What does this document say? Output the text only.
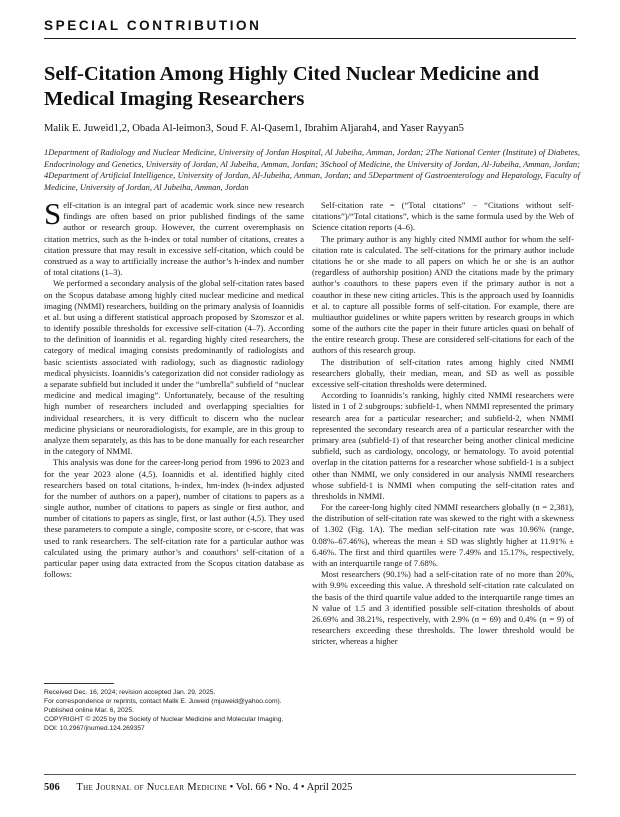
SPECIAL CONTRIBUTION
Self-Citation Among Highly Cited Nuclear Medicine and Medical Imaging Researchers
Malik E. Juweid1,2, Obada Al-leimon3, Soud F. Al-Qasem1, Ibrahim Aljarah4, and Yaser Rayyan5
1Department of Radiology and Nuclear Medicine, University of Jordan Hospital, Al Jubeiha, Amman, Jordan; 2The National Center (Institute) of Diabetes, Endocrinology and Genetics, University of Jordan, Al Jubeiha, Amman, Jordan; 3School of Medicine, the University of Jordan, Al-Jubeiha, Amman, Jordan; 4Department of Artificial Intelligence, University of Jordan, Al-Jubeiha, Amman, Jordan; and 5Department of Gastroenterology and Hepatology, Faculty of Medicine, University of Jordan, Al Jubeiha, Amman, Jordan

Self-citation is an integral part of academic work since new research findings are often based on prior published findings of the same author or research group. However, the current overemphasis on citation metrics, such as the h-index or total number of citations, creates a citation pressure that may result in excessive self-citation, which could be construed as a way to artificially increase the author’s h-index and number of total citations (1–3).

We performed a secondary analysis of the global self-citation rates based on the Scopus database among highly cited nuclear medicine and medical imaging (NMMI) researchers, building on the primary analysis of Ioannidis et al. but using a different statistical approach proposed by Szomszor et al. to identify possible thresholds for excessive self-citation (4–7). According to the definition of Ioannidis et al. regarding highly cited researchers, the category of medical imaging consists predominantly of radiologists and basic scientists associated with radiology, such as diagnostic radiology medical physicists. Ioannidis’s categorization did not consider radiology as a separate subfield but included it under the “umbrella” subfield of “nuclear medicine and medical imaging”. Unfortunately, because of the resulting high number of researchers included and overlapping specialties for individual researchers, it is very difficult to discern who the nuclear medicine physicians or neuroradiologists, for example, are in this group to analyze them separately, as this has to be done manually for each researcher in the category of NMMI.

This analysis was done for the career-long period from 1996 to 2023 and for the year 2023 alone (4,5). Ioannidis et al. identified highly cited researchers based on total citations, h-index, hm-index (h-index adjusted for the number of authors on a paper), number of citations to papers as a single author, number of citations to papers as single or first author, and number of citations to papers as single, first, or last author (4,5). They used these parameters to compute a single, composite score, or c-score, that was used to rank researchers. The self-citation rate for a particular author was calculated using the primary author’s and coauthors’ self-citation of a particular paper using data extracted from the Scopus citation database as follows:

Self-citation rate = (“Total citations” − “Citations without self-citations”)/“Total citations”, which is the same formula used by the Web of Science citation reports (4–6).

The primary author is any highly cited NMMI author for whom the self-citation rate is calculated. The self-citations for the primary author include citations he or she made to all papers on which he or she is an author (regardless of authorship position) AND the citations made by the primary author’s coauthors to these papers even if the primary author is not a coauthor in these new citing articles. This is the approach used by Ioannidis et al. to capture all possible forms of self-citation. For example, there are multiauthor guidelines or white papers written by research groups in which some of the authors cite the paper in their future articles quasi on behalf of the entire research group. These are considered self-citations for each of the authors of this research group.

The distribution of self-citation rates among highly cited NMMI researchers globally, their median, mean, and SD as well as possible excessive self-citation thresholds were determined.

According to Ioannidis’s ranking, highly cited NMMI researchers were listed in 1 of 2 subgroups: subfield-1, when NMMI represented the primary research area for a particular researcher; and subfield-2, when NMMI represented the secondary research area of a particular researcher with the primary area (subfield-1) of that researcher being another clinical medicine subfield, such as cardiology, oncology, or hematology. To avoid potential overlap in the citation patterns for a researcher whose subfield-1 is a subject other than NMMI, we only considered in our analysis NMMI researchers whose subfield-1 is NMMI when computing the self-citation rates and thresholds in NMMI.

For the career-long highly cited NMMI researchers globally (n = 2,381), the distribution of self-citation rate was skewed to the right with a skewness of 1.302 (Fig. 1A). The median self-citation rate was 10.96% (range, 0.08%–67.46%), whereas the mean ± SD was slightly higher at 11.91% ± 6.46%. The first and third quartiles were 7.49% and 15.17%, respectively, with an interquartile range of 7.68%.

Most researchers (90.1%) had a self-citation rate of no more than 20%, with 9.9% exceeding this value. A threshold self-citation rate calculated on the basis of the third quartile value added to the interquartile range times an N value of 1.5 and 3 identified possible self-citation thresholds of about 26.69% and 38.21%, respectively, with 2.9% (n = 69) and 0.4% (n = 9) of researchers exceeding these thresholds. The lower threshold would be stricter, whereas a higher

Received Dec. 16, 2024; revision accepted Jan. 29, 2025.
For correspondence or reprints, contact Malik E. Juweid (mjuweid@yahoo.com).
Published online Mar. 6, 2025.
COPYRIGHT © 2025 by the Society of Nuclear Medicine and Molecular Imaging.
DOI: 10.2967/jnumed.124.269357
506 The Journal of Nuclear Medicine • Vol. 66 • No. 4 • April 2025
